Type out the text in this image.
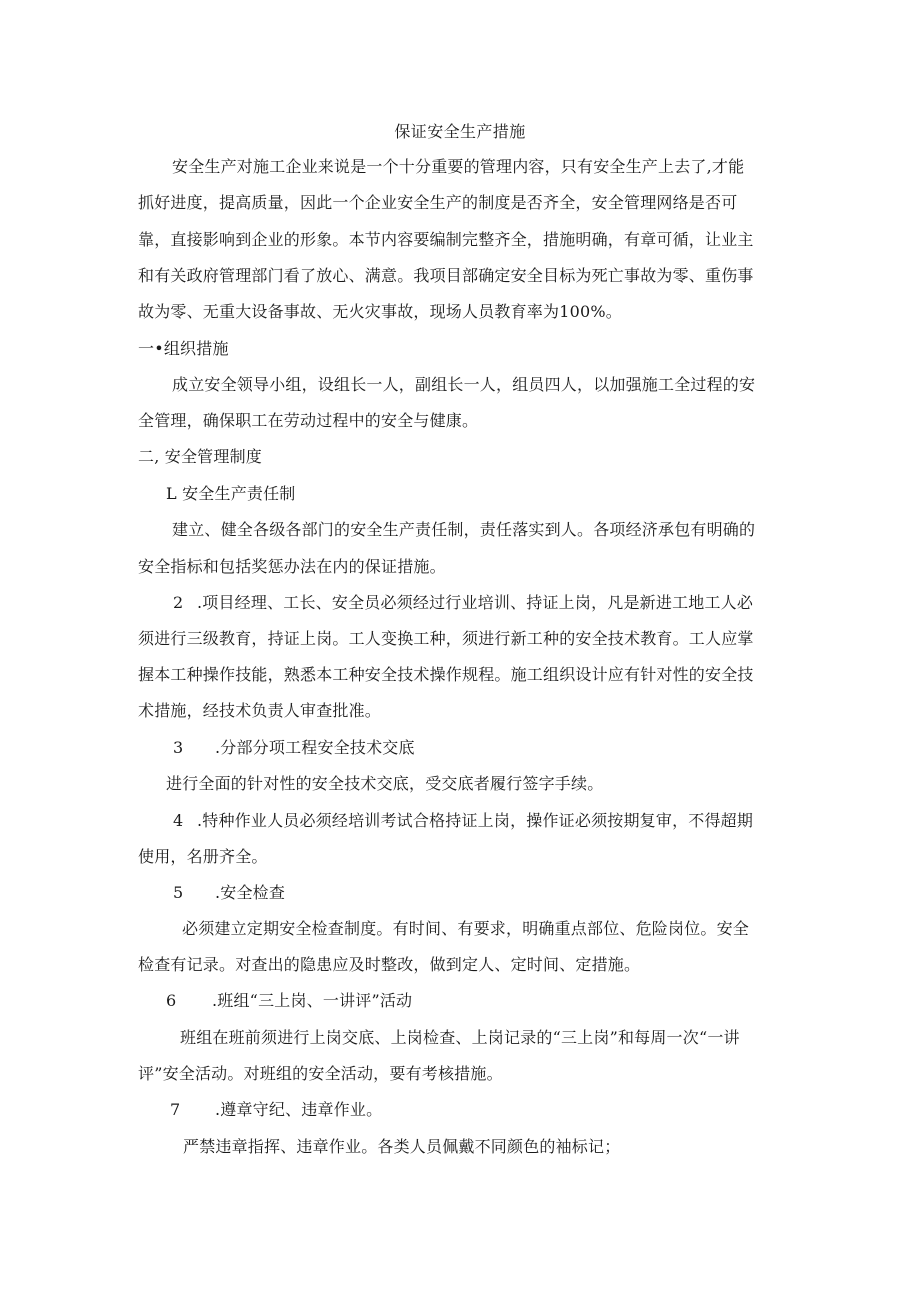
保证安全生产措施
安全生产对施工企业来说是一个十分重要的管理内容，只有安全生产上去了,才能
抓好进度，提高质量，因此一个企业安全生产的制度是否齐全，安全管理网络是否可
靠，直接影响到企业的形象。本节内容要编制完整齐全，措施明确，有章可循，让业主
和有关政府管理部门看了放心、满意。我项目部确定安全目标为死亡事故为零、重伤事
故为零、无重大设备事故、无火灾事故，现场人员教育率为100%。
一•组织措施
成立安全领导小组，设组长一人，副组长一人，组员四人，以加强施工全过程的安
全管理，确保职工在劳动过程中的安全与健康。
二, 安全管理制度
L 安全生产责任制
建立、健全各级各部门的安全生产责任制，责任落实到人。各项经济承包有明确的
安全指标和包括奖惩办法在内的保证措施。
2 .项目经理、工长、安全员必须经过行业培训、持证上岗，凡是新进工地工人必
须进行三级教育，持证上岗。工人变换工种，须进行新工种的安全技术教育。工人应掌
握本工种操作技能，熟悉本工种安全技术操作规程。施工组织设计应有针对性的安全技
术措施，经技术负责人审查批准。
3 .分部分项工程安全技术交底
进行全面的针对性的安全技术交底，受交底者履行签字手续。
4 .特种作业人员必须经培训考试合格持证上岗，操作证必须按期复审，不得超期
使用，名册齐全。
5 .安全检查
必须建立定期安全检查制度。有时间、有要求，明确重点部位、危险岗位。安全
检查有记录。对查出的隐患应及时整改，做到定人、定时间、定措施。
6 .班组“三上岗、一讲评”活动
班组在班前须进行上岗交底、上岗检查、上岗记录的“三上岗”和每周一次“一讲
评”安全活动。对班组的安全活动，要有考核措施。
7 .遵章守纪、违章作业。
严禁违章指挥、违章作业。各类人员佩戴不同颜色的袖标记；
